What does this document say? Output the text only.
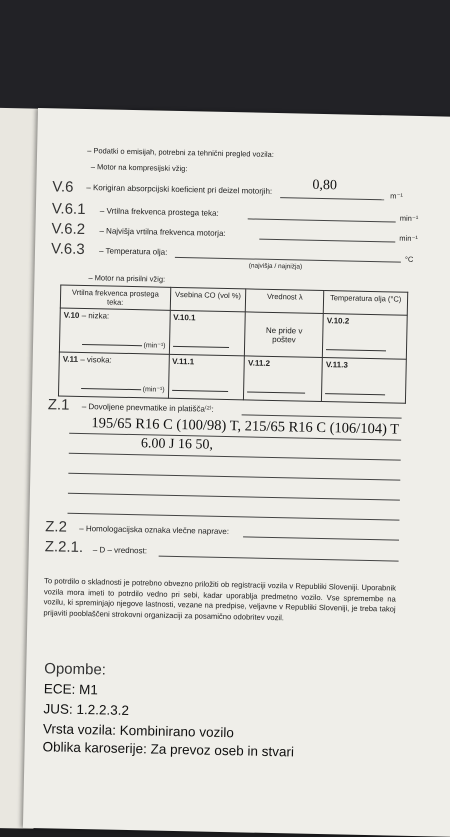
– Podatki o emisijah, potrebni za tehnični pregled vozila:
– Motor na kompresijski vžig:
V.6 – Korigiran absorpcijski koeficient pri deizel motorjih:	0,80
m⁻¹
V.6.1 – Vrtilna frekvenca prostega teka:
min⁻¹
V.6.2 – Najvišja vrtilna frekvenca motorja:
min⁻¹
V.6.3 – Temperatura olja:
°C
(najvišja / najnižja)
– Motor na prisilni vžig:
Vrtilna frekvenca prostega teka:	Vsebina CO (vol %)	Vrednost λ	Temperatura olja (°C)
V.10 – nizka:
(min⁻¹)	V.10.1	Ne pride v poštev	V.10.2

V.11 – visoka:
(min⁻¹)	V.11.1	V.11.2	V.11.3
Z.1 – Dovoljene pnevmatike in platišča⁽²⁾:
195/65 R16 C (100/98) T, 215/65 R16 C (106/104) T
6.00 J 16 50,
Z.2 – Homologacijska oznaka vlečne naprave:
Z.2.1. – D – vrednost:
To potrdilo o skladnosti je potrebno obvezno priložiti ob registraciji vozila v Republiki Sloveniji. Uporabnik vozila mora imeti to potrdilo vedno pri sebi, kadar uporablja predmetno vozilo. Vse spremembe na vozilu, ki spreminjajo njegove lastnosti, vezane na predpise, veljavne v Republiki Sloveniji, je treba takoj prijaviti pooblaščeni strokovni organizaciji za posamično odobritev vozil.
Opombe:
ECE: M1
JUS: 1.2.2.3.2
Vrsta vozila: Kombinirano vozilo
Oblika karoserije: Za prevoz oseb in stvari
